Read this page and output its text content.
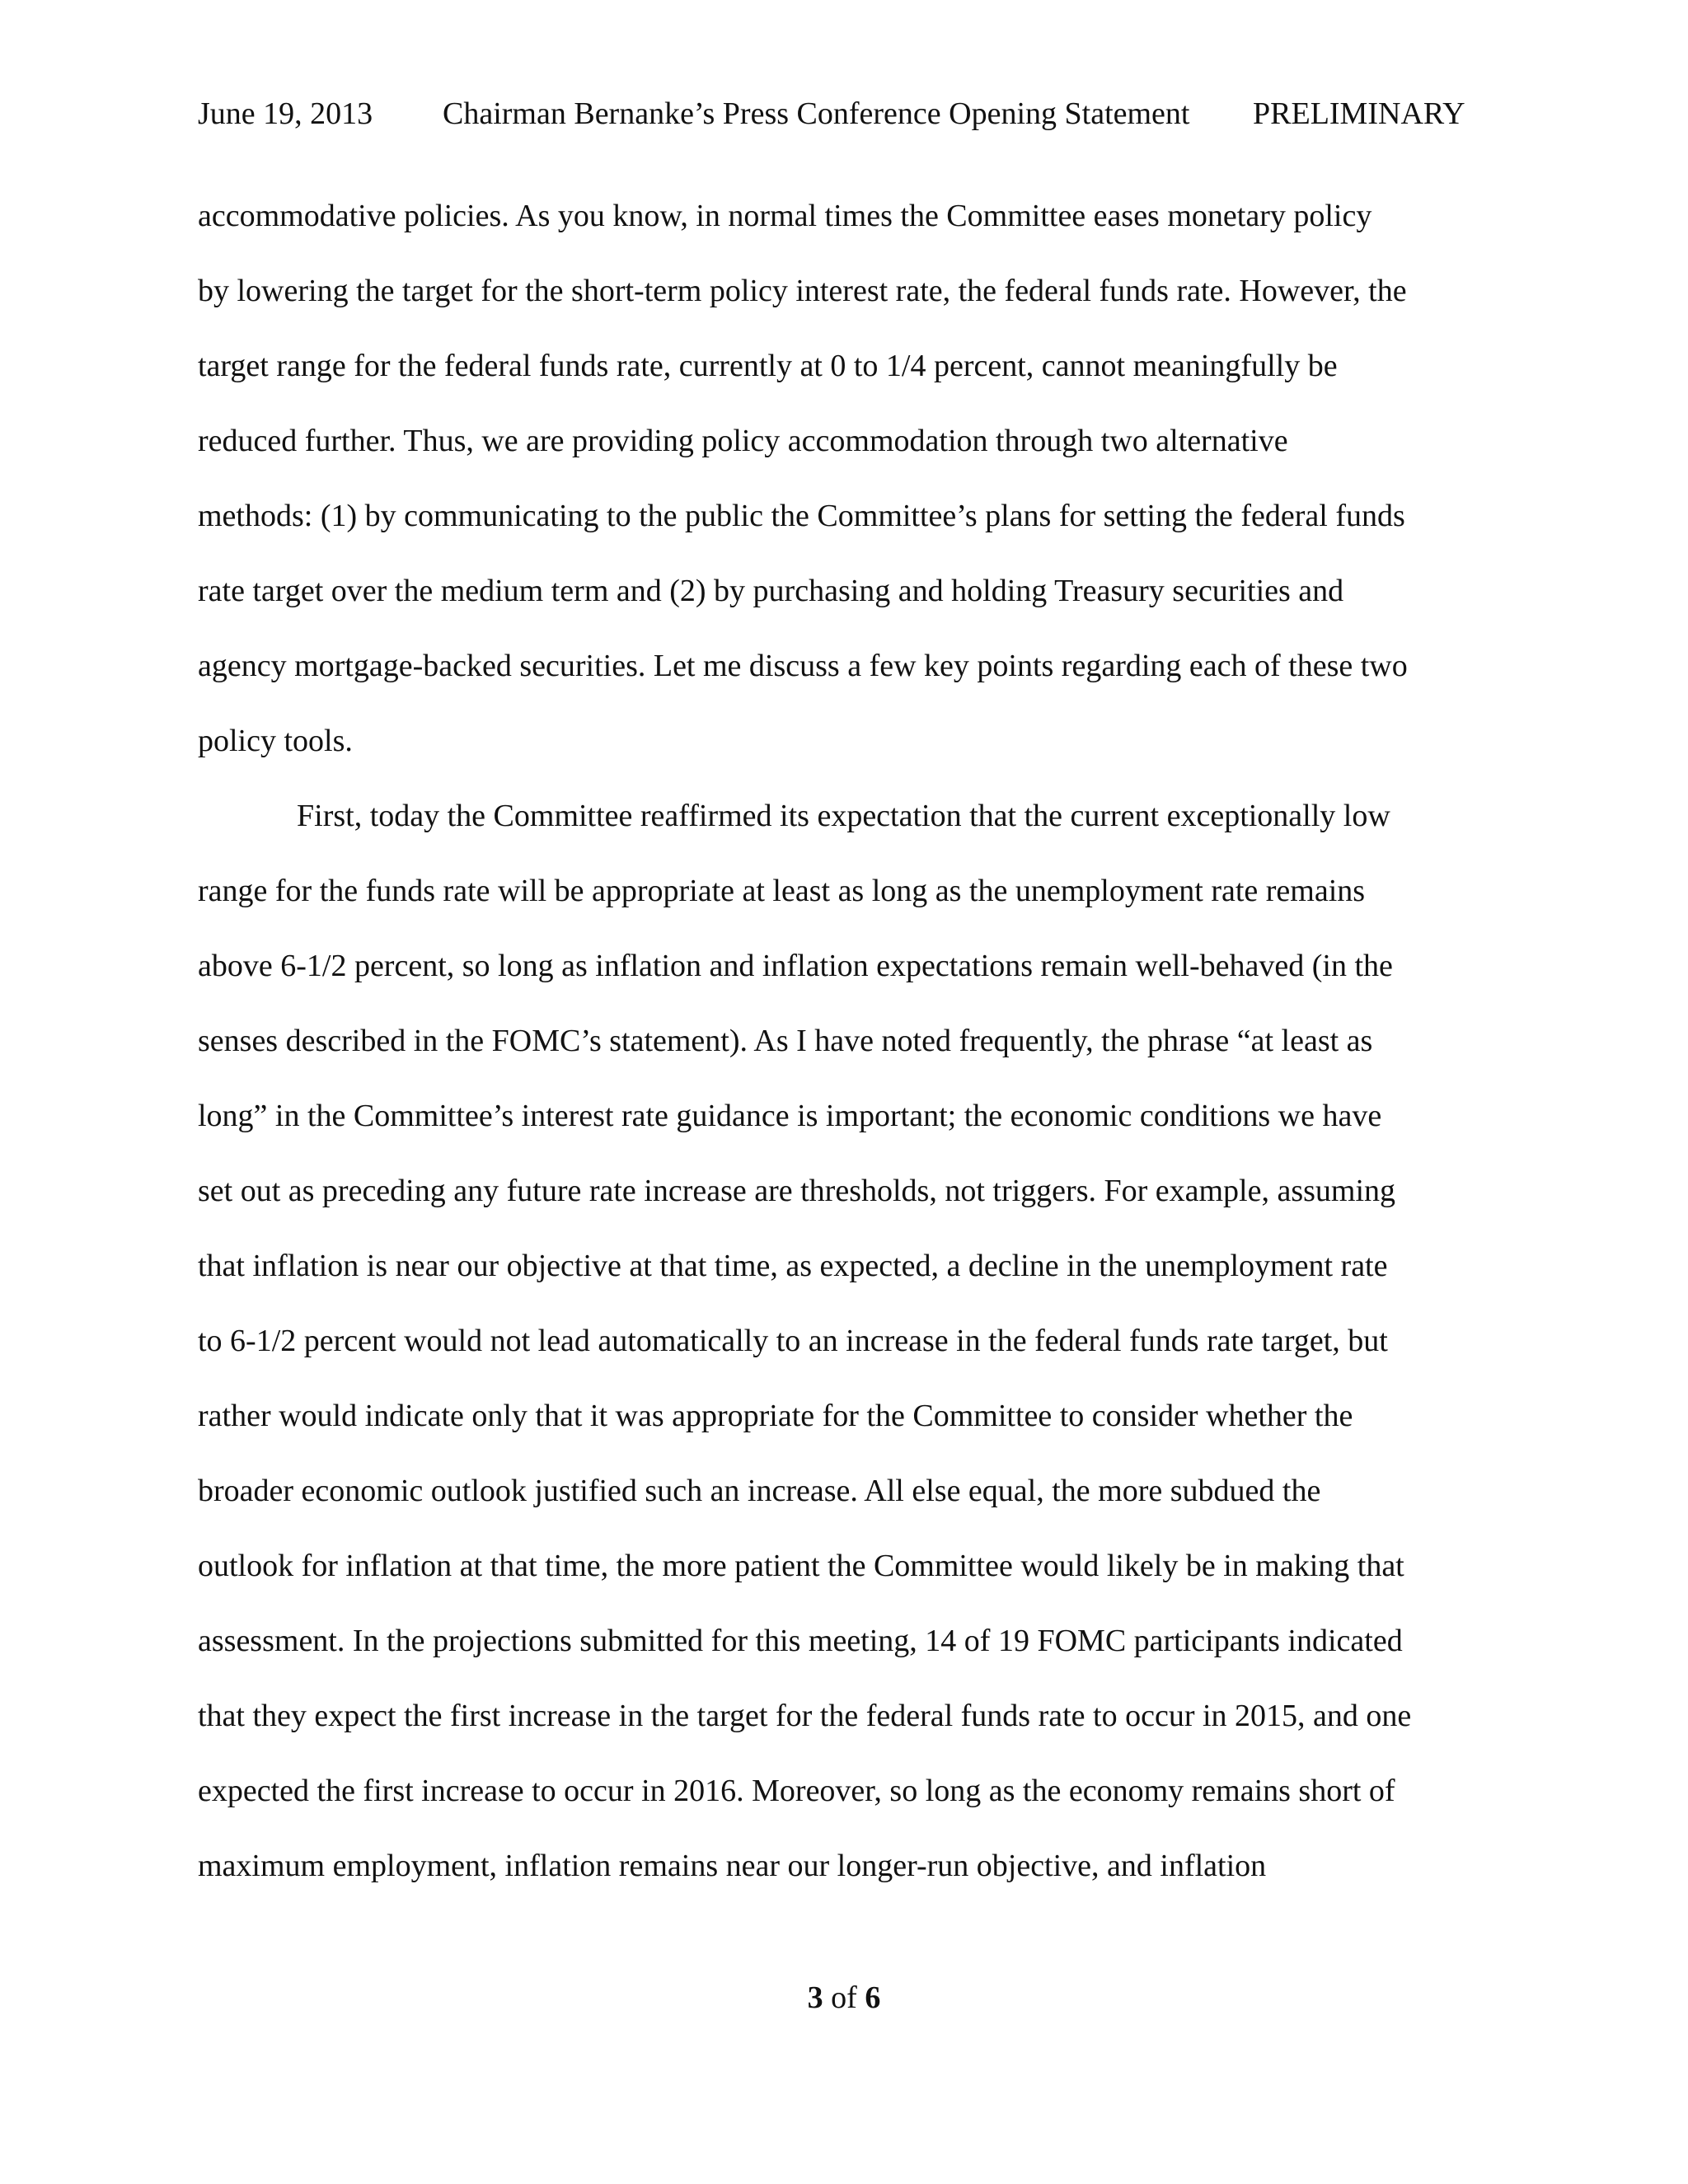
June 19, 2013 Chairman Bernanke’s Press Conference Opening Statement PRELIMINARY
accommodative policies. As you know, in normal times the Committee eases monetary policy
by lowering the target for the short-term policy interest rate, the federal funds rate. However, the
target range for the federal funds rate, currently at 0 to 1/4 percent, cannot meaningfully be
reduced further. Thus, we are providing policy accommodation through two alternative
methods: (1) by communicating to the public the Committee’s plans for setting the federal funds
rate target over the medium term and (2) by purchasing and holding Treasury securities and
agency mortgage-backed securities. Let me discuss a few key points regarding each of these two
policy tools.
First, today the Committee reaffirmed its expectation that the current exceptionally low
range for the funds rate will be appropriate at least as long as the unemployment rate remains
above 6-1/2 percent, so long as inflation and inflation expectations remain well-behaved (in the
senses described in the FOMC’s statement). As I have noted frequently, the phrase “at least as
long” in the Committee’s interest rate guidance is important; the economic conditions we have
set out as preceding any future rate increase are thresholds, not triggers. For example, assuming
that inflation is near our objective at that time, as expected, a decline in the unemployment rate
to 6-1/2 percent would not lead automatically to an increase in the federal funds rate target, but
rather would indicate only that it was appropriate for the Committee to consider whether the
broader economic outlook justified such an increase. All else equal, the more subdued the
outlook for inflation at that time, the more patient the Committee would likely be in making that
assessment. In the projections submitted for this meeting, 14 of 19 FOMC participants indicated
that they expect the first increase in the target for the federal funds rate to occur in 2015, and one
expected the first increase to occur in 2016. Moreover, so long as the economy remains short of
maximum employment, inflation remains near our longer-run objective, and inflation
3 of 6
